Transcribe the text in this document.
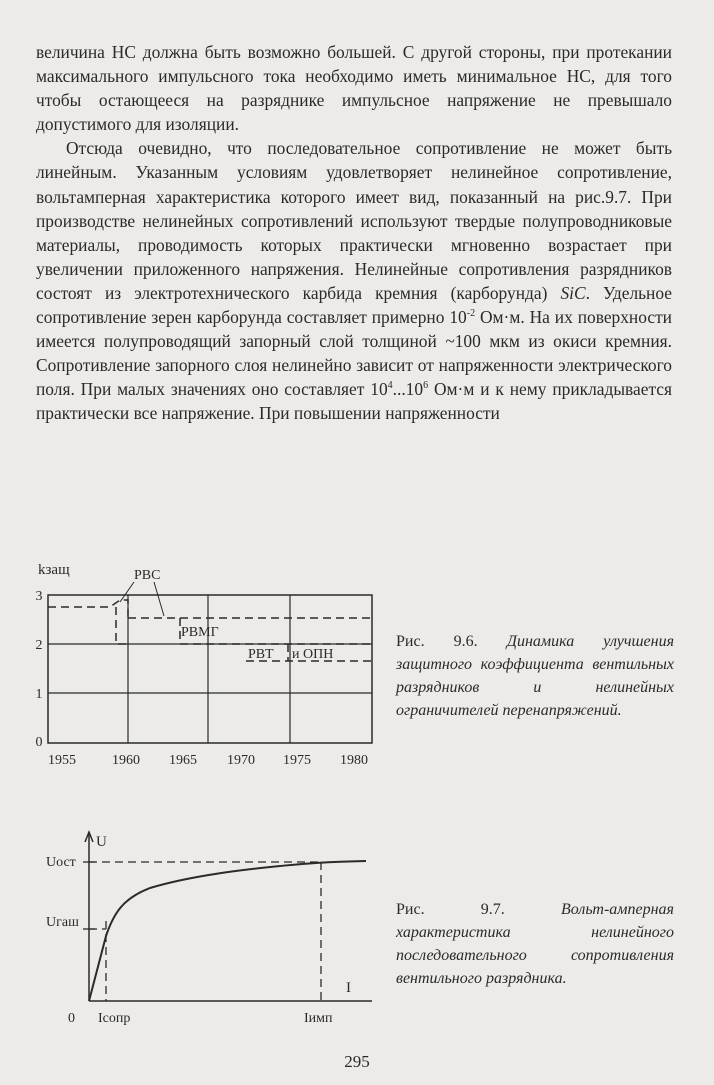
величина НС должна быть возможно большей. С другой стороны, при протекании максимального импульсного тока необходимо иметь минимальное НС, для того чтобы остающееся на разряднике импульсное напряжение не превышало допустимого для изоляции.

Отсюда очевидно, что последовательное сопротивление не может быть линейным. Указанным условиям удовлетворяет нелинейное сопротивление, вольтамперная характеристика которого имеет вид, показанный на рис.9.7. При производстве нелинейных сопротивлений используют твердые полупроводниковые материалы, проводимость которых практически мгновенно возрастает при увеличении приложенного напряжения. Нелинейные сопротивления разрядников состоят из электротехнического карбида кремния (карборунда) SiC. Удельное сопротивление зерен карборунда составляет примерно $10^{-2}$ Ом·м. На их поверхности имеется полупроводящий запорный слой толщиной ~100 мкм из окиси кремния. Сопротивление запорного слоя нелинейно зависит от напряженности электрического поля. При малых значениях оно составляет $10^4...10^6$ Ом·м и к нему прикладывается практически все напряжение. При повышении напряженности

kзащ
3
2
1
0
1955	1960 1965 1970 1975 1980
РВС
РВМГ
РВТ и ОПН
Рис. 9.6. Динамика улучшения защитного коэффициента вентильных разрядников и нелинейных ограничителей перенапряжений.
U
I
0
Uост
Uгаш
Iсопр	Iимп
Рис. 9.7.	Вольт-амперная характеристика нелинейного последовательного сопротивления вентильного разрядника.
295
